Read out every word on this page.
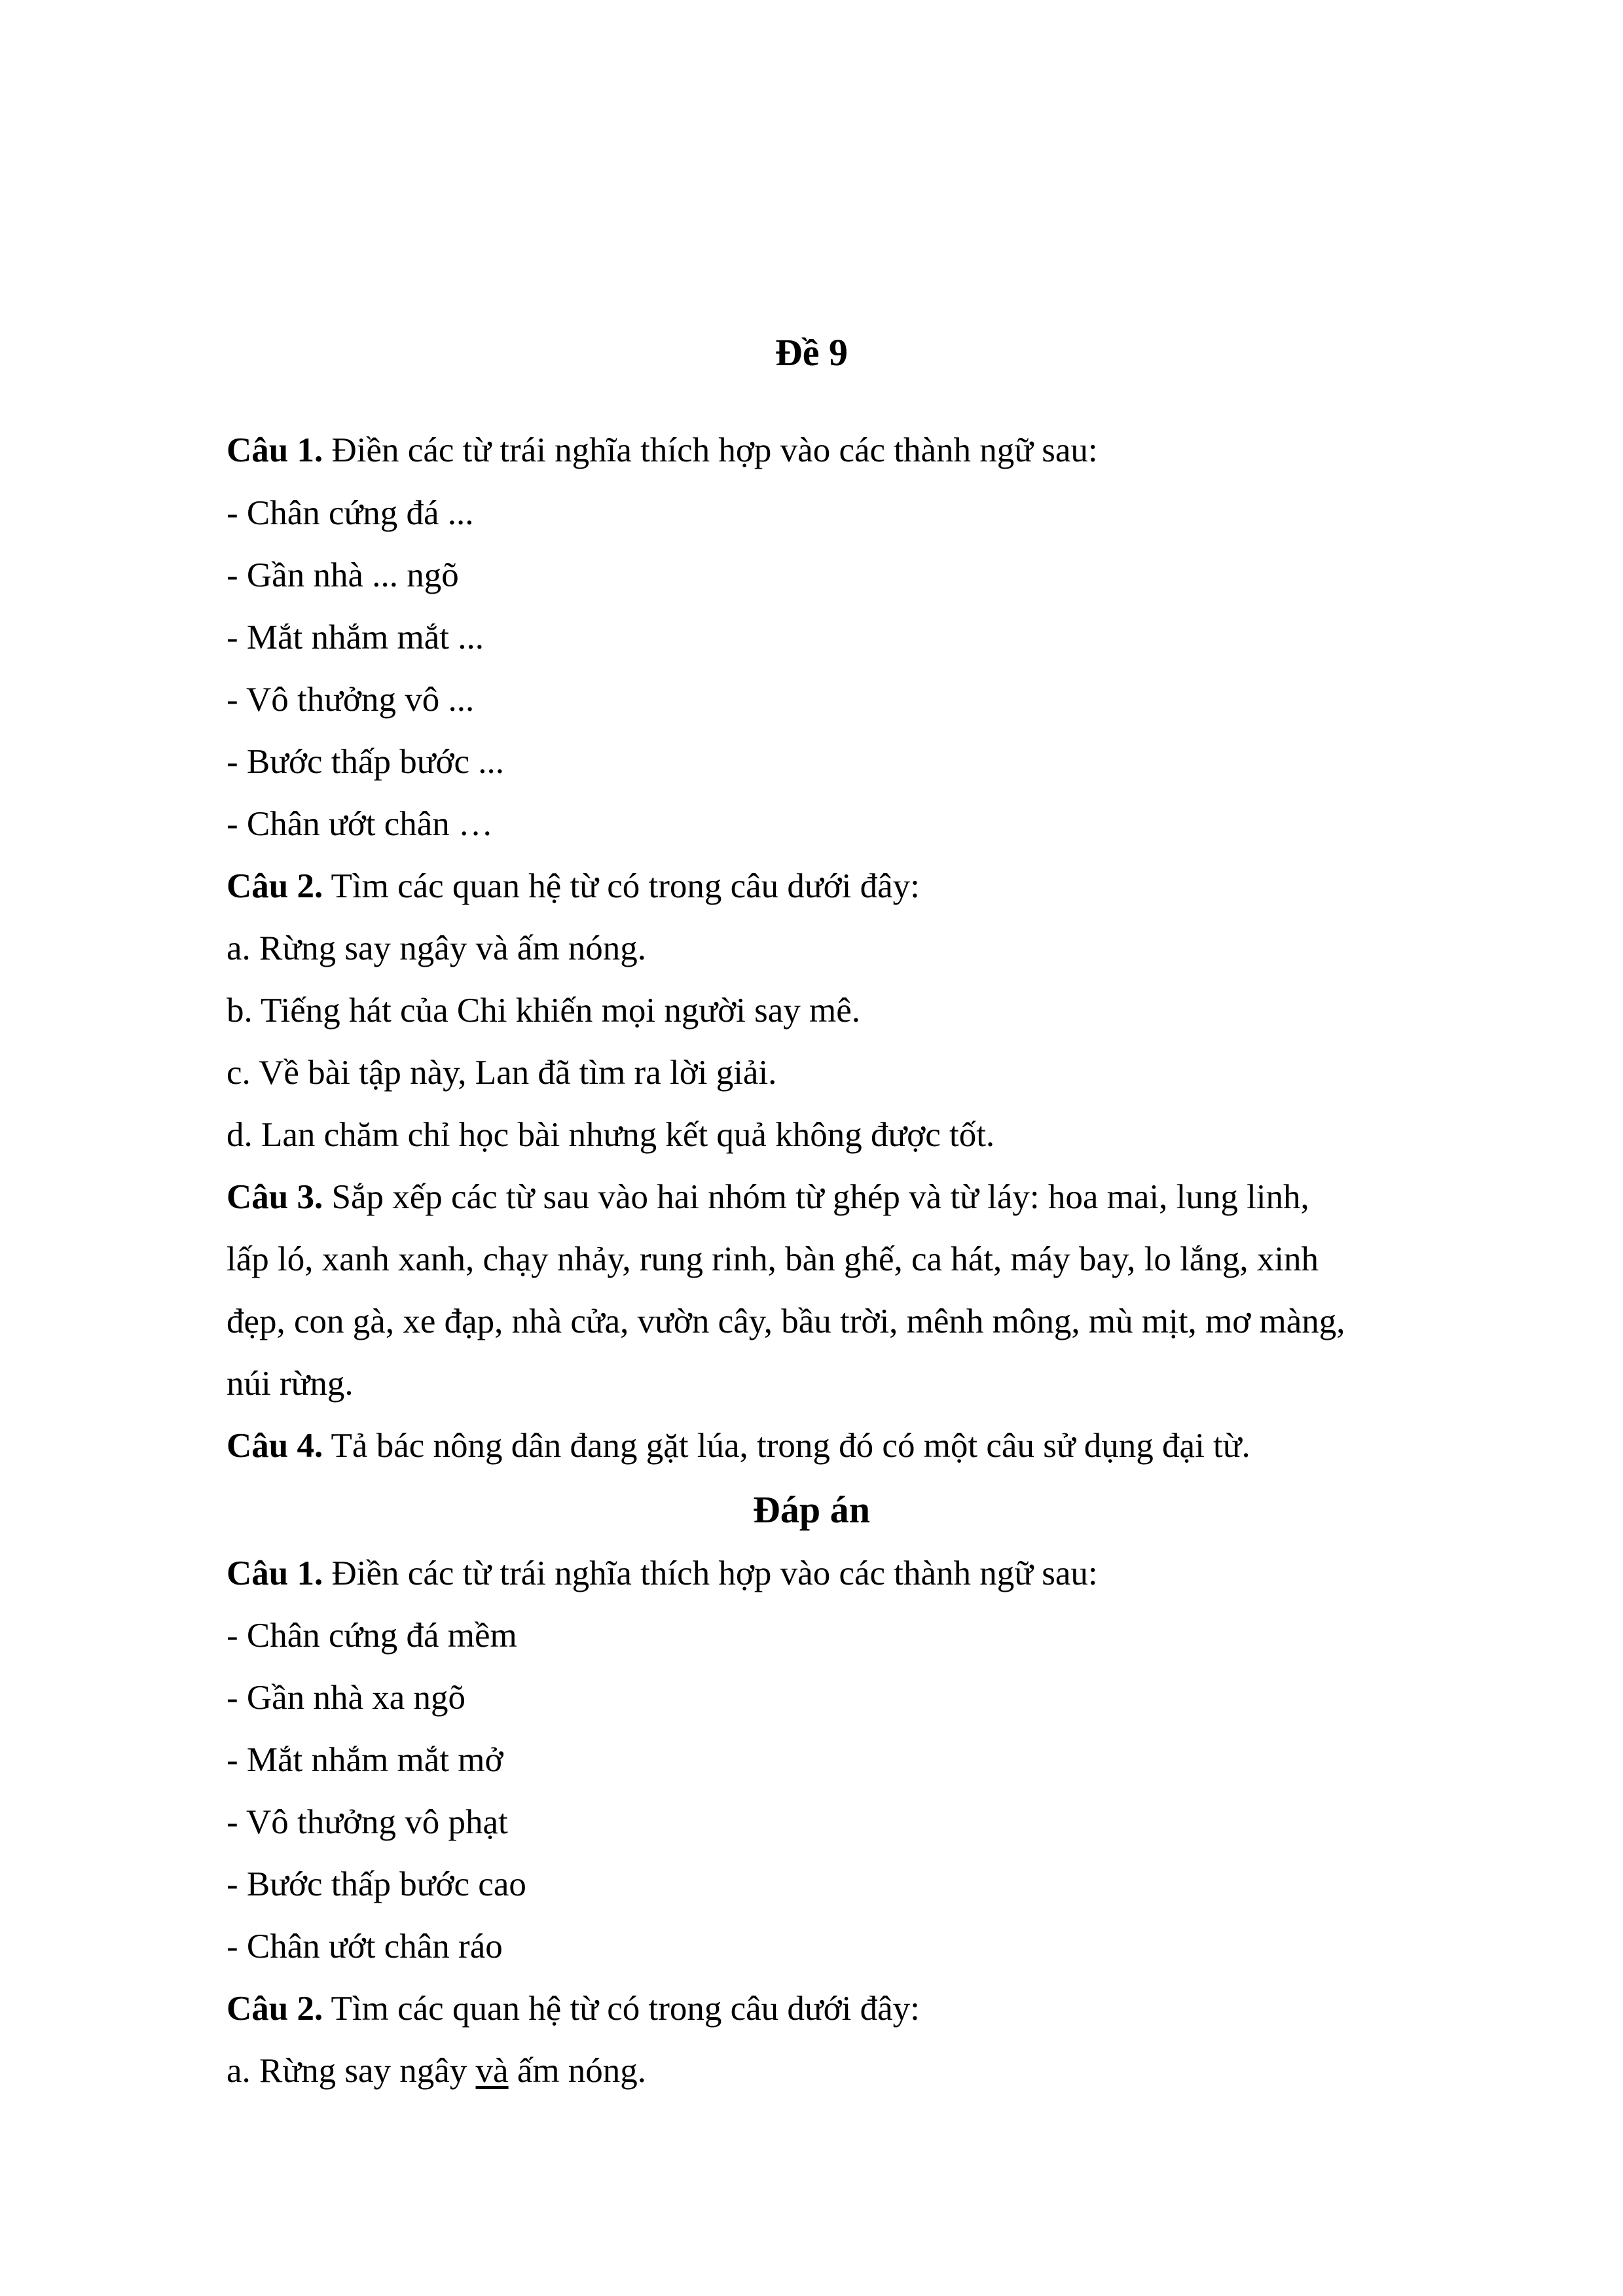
Đề 9
Câu 1. Điền các từ trái nghĩa thích hợp vào các thành ngữ sau:
- Chân cứng đá ...
- Gần nhà ... ngõ
- Mắt nhắm mắt ...
- Vô thưởng vô ...
- Bước thấp bước ...
- Chân ướt chân …
Câu 2. Tìm các quan hệ từ có trong câu dưới đây:
a. Rừng say ngây và ấm nóng.
b. Tiếng hát của Chi khiến mọi người say mê.
c. Về bài tập này, Lan đã tìm ra lời giải.
d. Lan chăm chỉ học bài nhưng kết quả không được tốt.
Câu 3. Sắp xếp các từ sau vào hai nhóm từ ghép và từ láy: hoa mai, lung linh,
lấp ló, xanh xanh, chạy nhảy, rung rinh, bàn ghế, ca hát, máy bay, lo lắng, xinh
đẹp, con gà, xe đạp, nhà cửa, vườn cây, bầu trời, mênh mông, mù mịt, mơ màng,
núi rừng.
Câu 4. Tả bác nông dân đang gặt lúa, trong đó có một câu sử dụng đại từ.
Đáp án
Câu 1. Điền các từ trái nghĩa thích hợp vào các thành ngữ sau:
- Chân cứng đá mềm
- Gần nhà xa ngõ
- Mắt nhắm mắt mở
- Vô thưởng vô phạt
- Bước thấp bước cao
- Chân ướt chân ráo
Câu 2. Tìm các quan hệ từ có trong câu dưới đây:
a. Rừng say ngây và ấm nóng.
